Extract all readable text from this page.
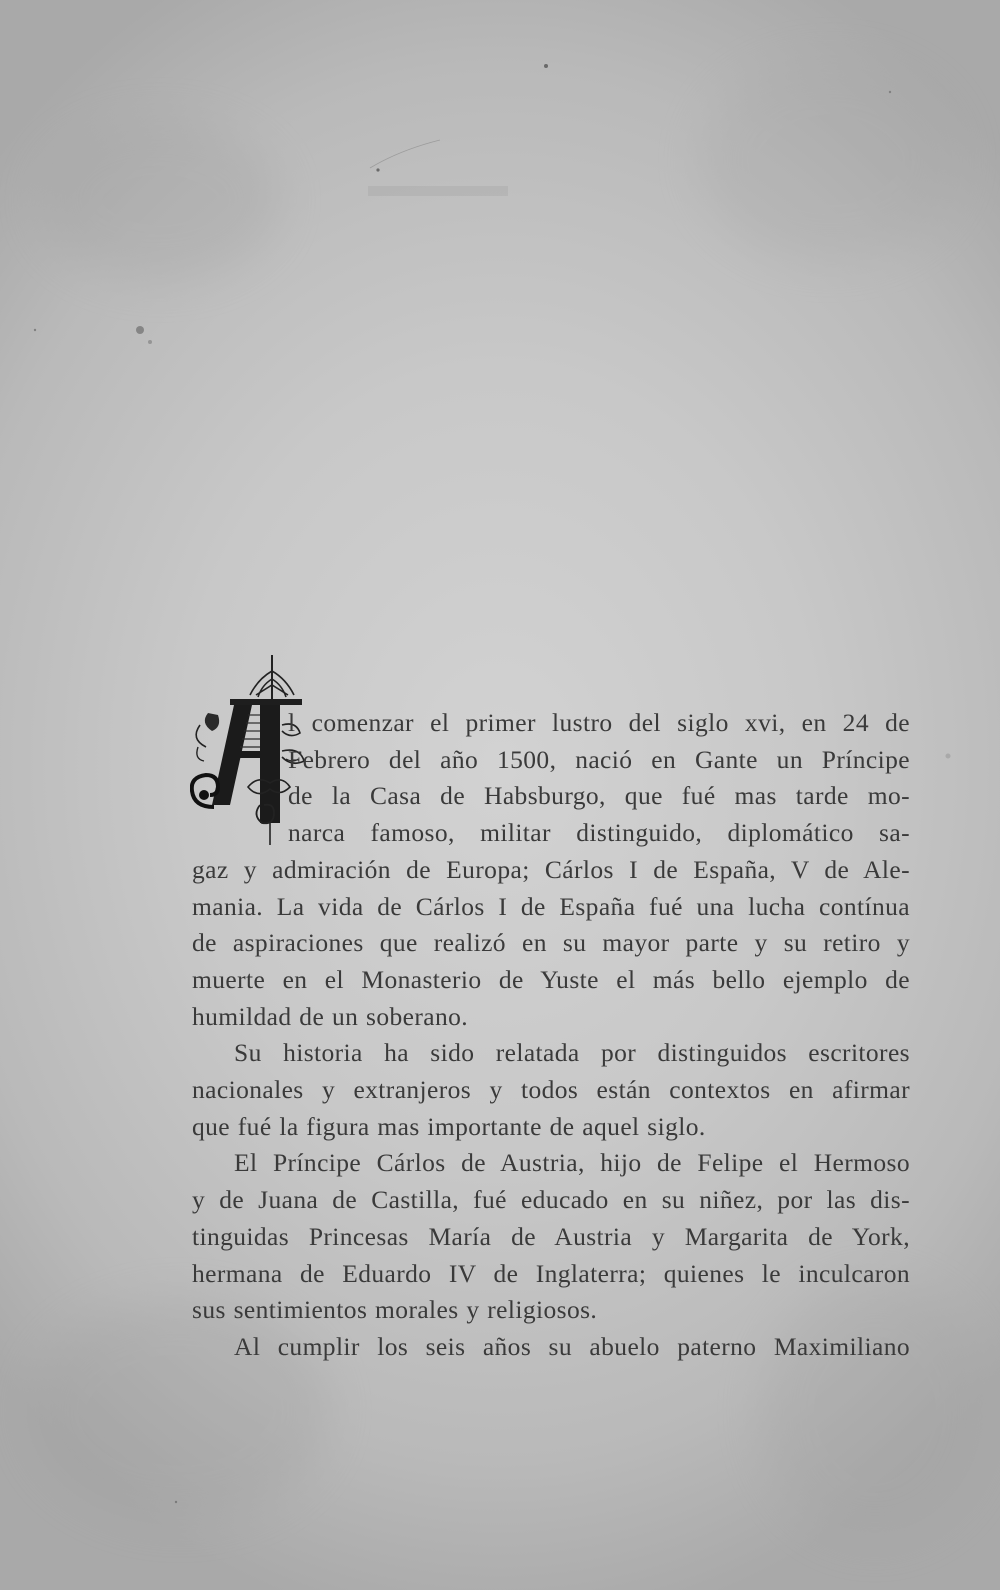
l comenzar el primer lustro del siglo xvi, en 24 de
Febrero del año 1500, nació en Gante un Príncipe
de la Casa de Habsburgo, que fué mas tarde mo-
narca famoso, militar distinguido, diplomático sa-
gaz y admiración de Europa; Cárlos I de España, V de Ale-
mania. La vida de Cárlos I de España fué una lucha contínua
de aspiraciones que realizó en su mayor parte y su retiro y
muerte en el Monasterio de Yuste el más bello ejemplo de
humildad de un soberano.

Su historia ha sido relatada por distinguidos escritores
nacionales y extranjeros y todos están contextos en afirmar
que fué la figura mas importante de aquel siglo.

El Príncipe Cárlos de Austria, hijo de Felipe el Hermoso
y de Juana de Castilla, fué educado en su niñez, por las dis-
tinguidas Princesas María de Austria y Margarita de York,
hermana de Eduardo IV de Inglaterra; quienes le inculcaron
sus sentimientos morales y religiosos.

Al cumplir los seis años su abuelo paterno Maximiliano
